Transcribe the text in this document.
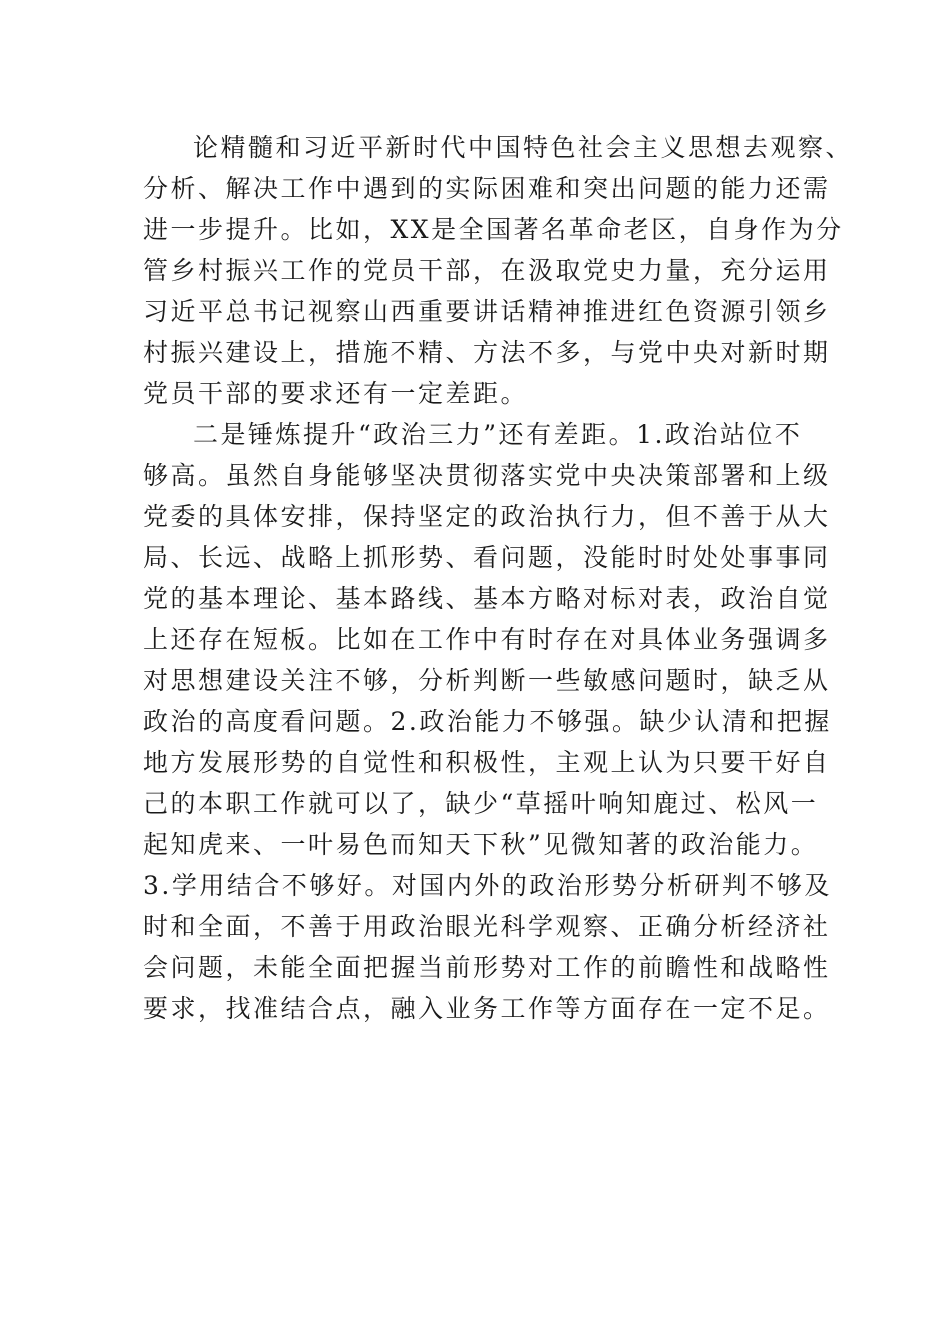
论精髓和习近平新时代中国特色社会主义思想去观察、
分析、解决工作中遇到的实际困难和突出问题的能力还需
进一步提升。比如，XX是全国著名革命老区，自身作为分
管乡村振兴工作的党员干部，在汲取党史力量，充分运用
习近平总书记视察山西重要讲话精神推进红色资源引领乡
村振兴建设上，措施不精、方法不多，与党中央对新时期
党员干部的要求还有一定差距。

二是锤炼提升“政治三力”还有差距。1.政治站位不
够高。虽然自身能够坚决贯彻落实党中央决策部署和上级
党委的具体安排，保持坚定的政治执行力，但不善于从大
局、长远、战略上抓形势、看问题，没能时时处处事事同
党的基本理论、基本路线、基本方略对标对表，政治自觉
上还存在短板。比如在工作中有时存在对具体业务强调多
对思想建设关注不够，分析判断一些敏感问题时，缺乏从
政治的高度看问题。2.政治能力不够强。缺少认清和把握
地方发展形势的自觉性和积极性，主观上认为只要干好自
己的本职工作就可以了，缺少“草摇叶响知鹿过、松风一
起知虎来、一叶易色而知天下秋”见微知著的政治能力。
3.学用结合不够好。对国内外的政治形势分析研判不够及
时和全面，不善于用政治眼光科学观察、正确分析经济社
会问题，未能全面把握当前形势对工作的前瞻性和战略性
要求，找准结合点，融入业务工作等方面存在一定不足。
